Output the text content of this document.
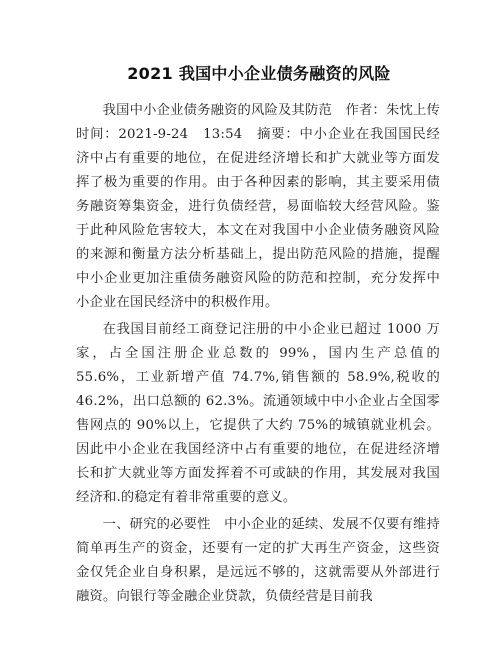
2021 我国中小企业债务融资的风险

我国中小企业债务融资的风险及其防范　作者：朱忱上传时间：2021-9-24　13:54　摘要：中小企业在我国国民经济中占有重要的地位，在促进经济增长和扩大就业等方面发挥了极为重要的作用。由于各种因素的影响，其主要采用债务融资筹集资金，进行负债经营，易面临较大经营风险。鉴于此种风险危害较大，本文在对我国中小企业债务融资风险的来源和衡量方法分析基础上，提出防范风险的措施，提醒中小企业更加注重债务融资风险的防范和控制，充分发挥中小企业在国民经济中的积极作用。

在我国目前经工商登记注册的中小企业已超过 1000 万家，占全国注册企业总数的 99%，国内生产总值的 55.6%，工业新增产值 74.7%,销售额的 58.9%,税收的 46.2%，出口总额的 62.3%。流通领域中中小企业占全国零售网点的 90%以上，它提供了大约 75%的城镇就业机会。因此中小企业在我国经济中占有重要的地位，在促进经济增长和扩大就业等方面发挥着不可或缺的作用，其发展对我国经济和.的稳定有着非常重要的意义。

一、研究的必要性　中小企业的延续、发展不仅要有维持简单再生产的资金，还要有一定的扩大再生产资金，这些资金仅凭企业自身积累，是远远不够的，这就需要从外部进行融资。向银行等金融企业贷款，负债经营是目前我
